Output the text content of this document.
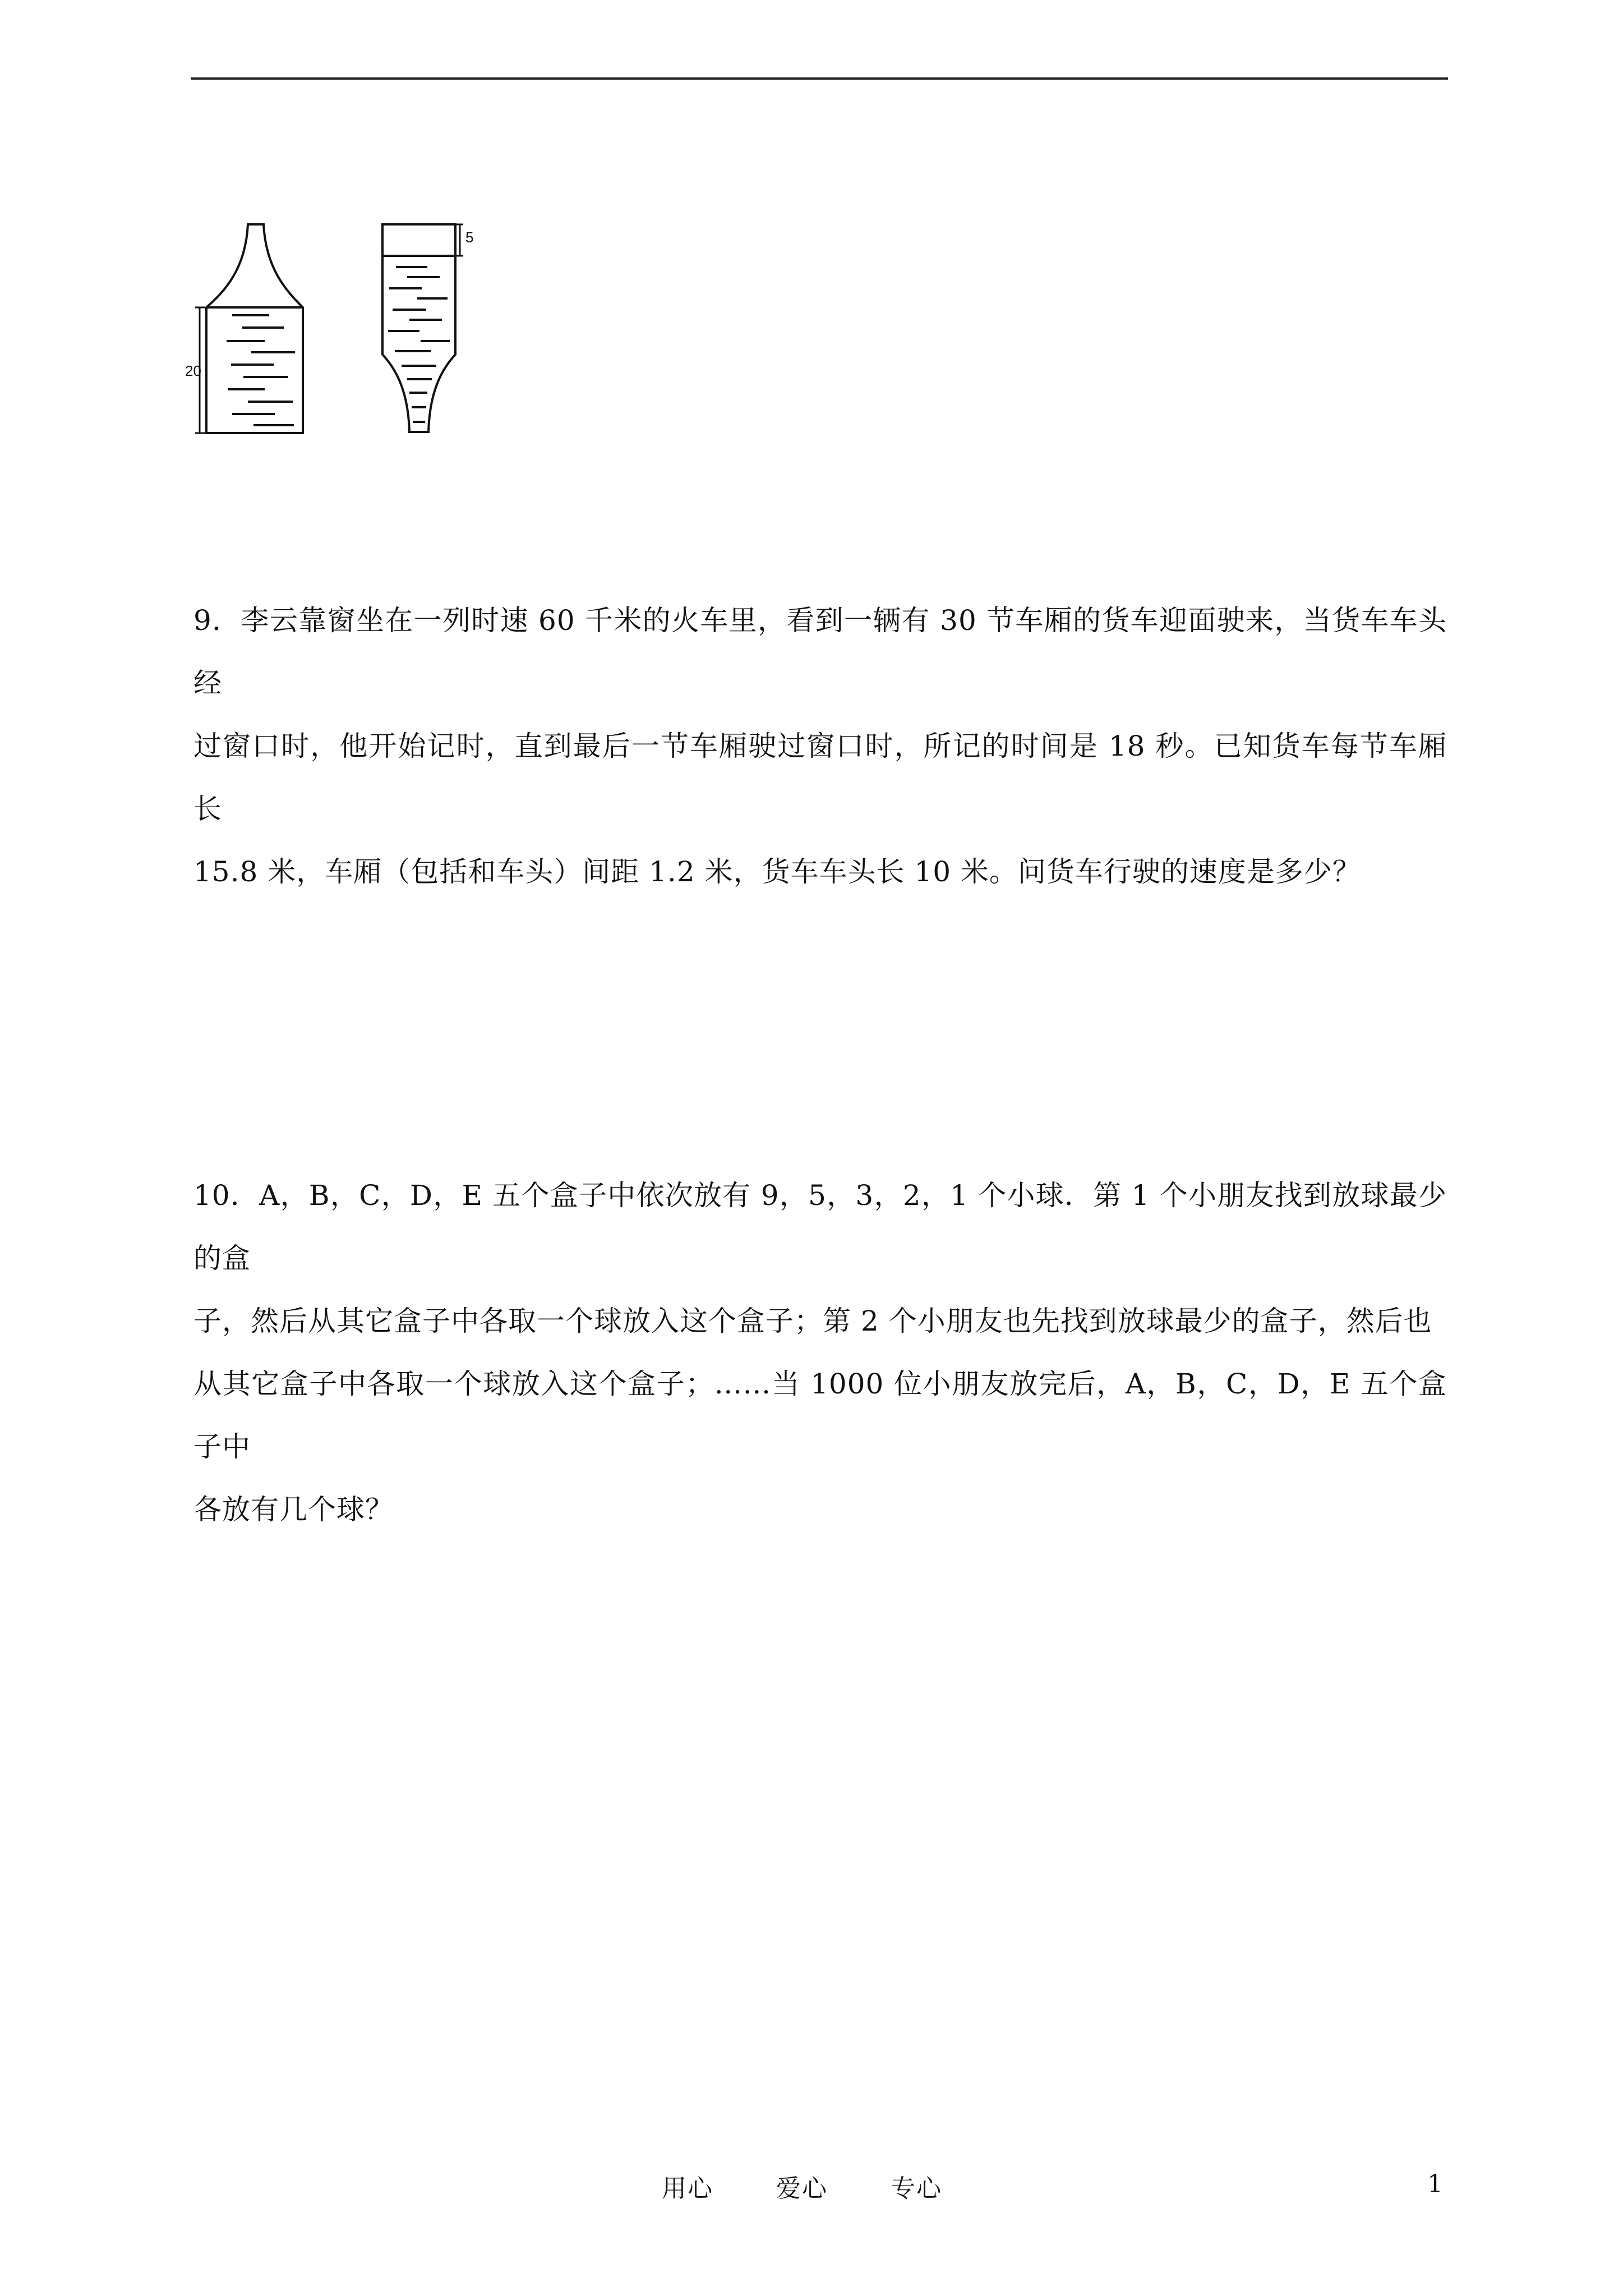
20
5

9．李云靠窗坐在一列时速 60 千米的火车里，看到一辆有 30 节车厢的货车迎面驶来，当货车车头经

过窗口时，他开始记时，直到最后一节车厢驶过窗口时，所记的时间是 18 秒。已知货车每节车厢长

15.8 米，车厢（包括和车头）间距 1.2 米，货车车头长 10 米。问货车行驶的速度是多少？

10．A，B，C，D，E 五个盒子中依次放有 9，5，3，2，1 个小球．第 1 个小朋友找到放球最少的盒

子，然后从其它盒子中各取一个球放入这个盒子；第 2 个小朋友也先找到放球最少的盒子，然后也

从其它盒子中各取一个球放入这个盒子；……当 1000 位小朋友放完后，A，B，C，D，E 五个盒子中

各放有几个球？

用心	爱心	专心	1
